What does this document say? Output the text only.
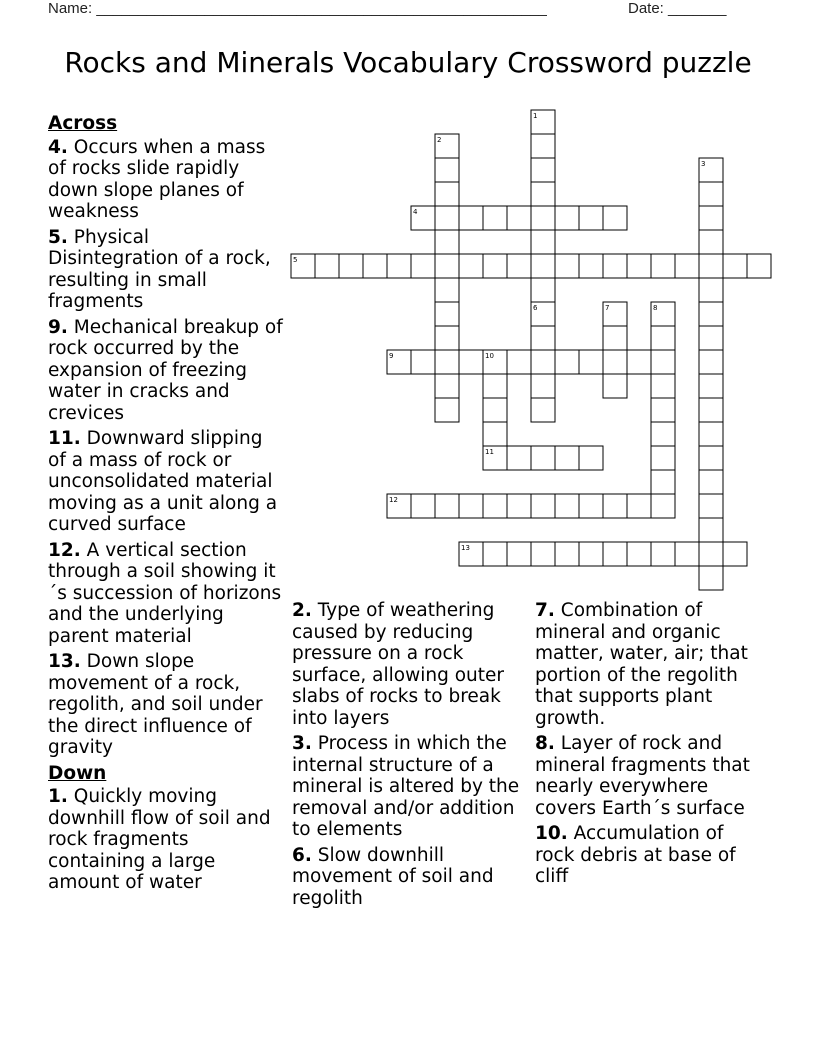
Name: ______________________________________________________	Date: _______
Rocks and Minerals Vocabulary Crossword puzzle
1
2
3
4
5
6	7	8
9	10
11
12
13
Across
4. Occurs when a mass of rocks slide rapidly down slope planes of weakness
5. Physical Disintegration of a rock, resulting in small fragments
9. Mechanical breakup of rock occurred by the expansion of freezing water in cracks and crevices
11. Downward slipping of a mass of rock or unconsolidated material moving as a unit along a curved surface
12. A vertical section through a soil showing it´s succession of horizons and the underlying parent material
13. Down slope movement of a rock, regolith, and soil under the direct influence of gravity
Down
1. Quickly moving downhill flow of soil and rock fragments containing a large amount of water
2. Type of weathering caused by reducing pressure on a rock surface, allowing outer slabs of rocks to break into layers
3. Process in which the internal structure of a mineral is altered by the removal and/or addition to elements
6. Slow downhill movement of soil and regolith
7. Combination of mineral and organic matter, water, air; that portion of the regolith that supports plant growth.
8. Layer of rock and mineral fragments that nearly everywhere covers Earth´s surface
10. Accumulation of rock debris at base of cliff
